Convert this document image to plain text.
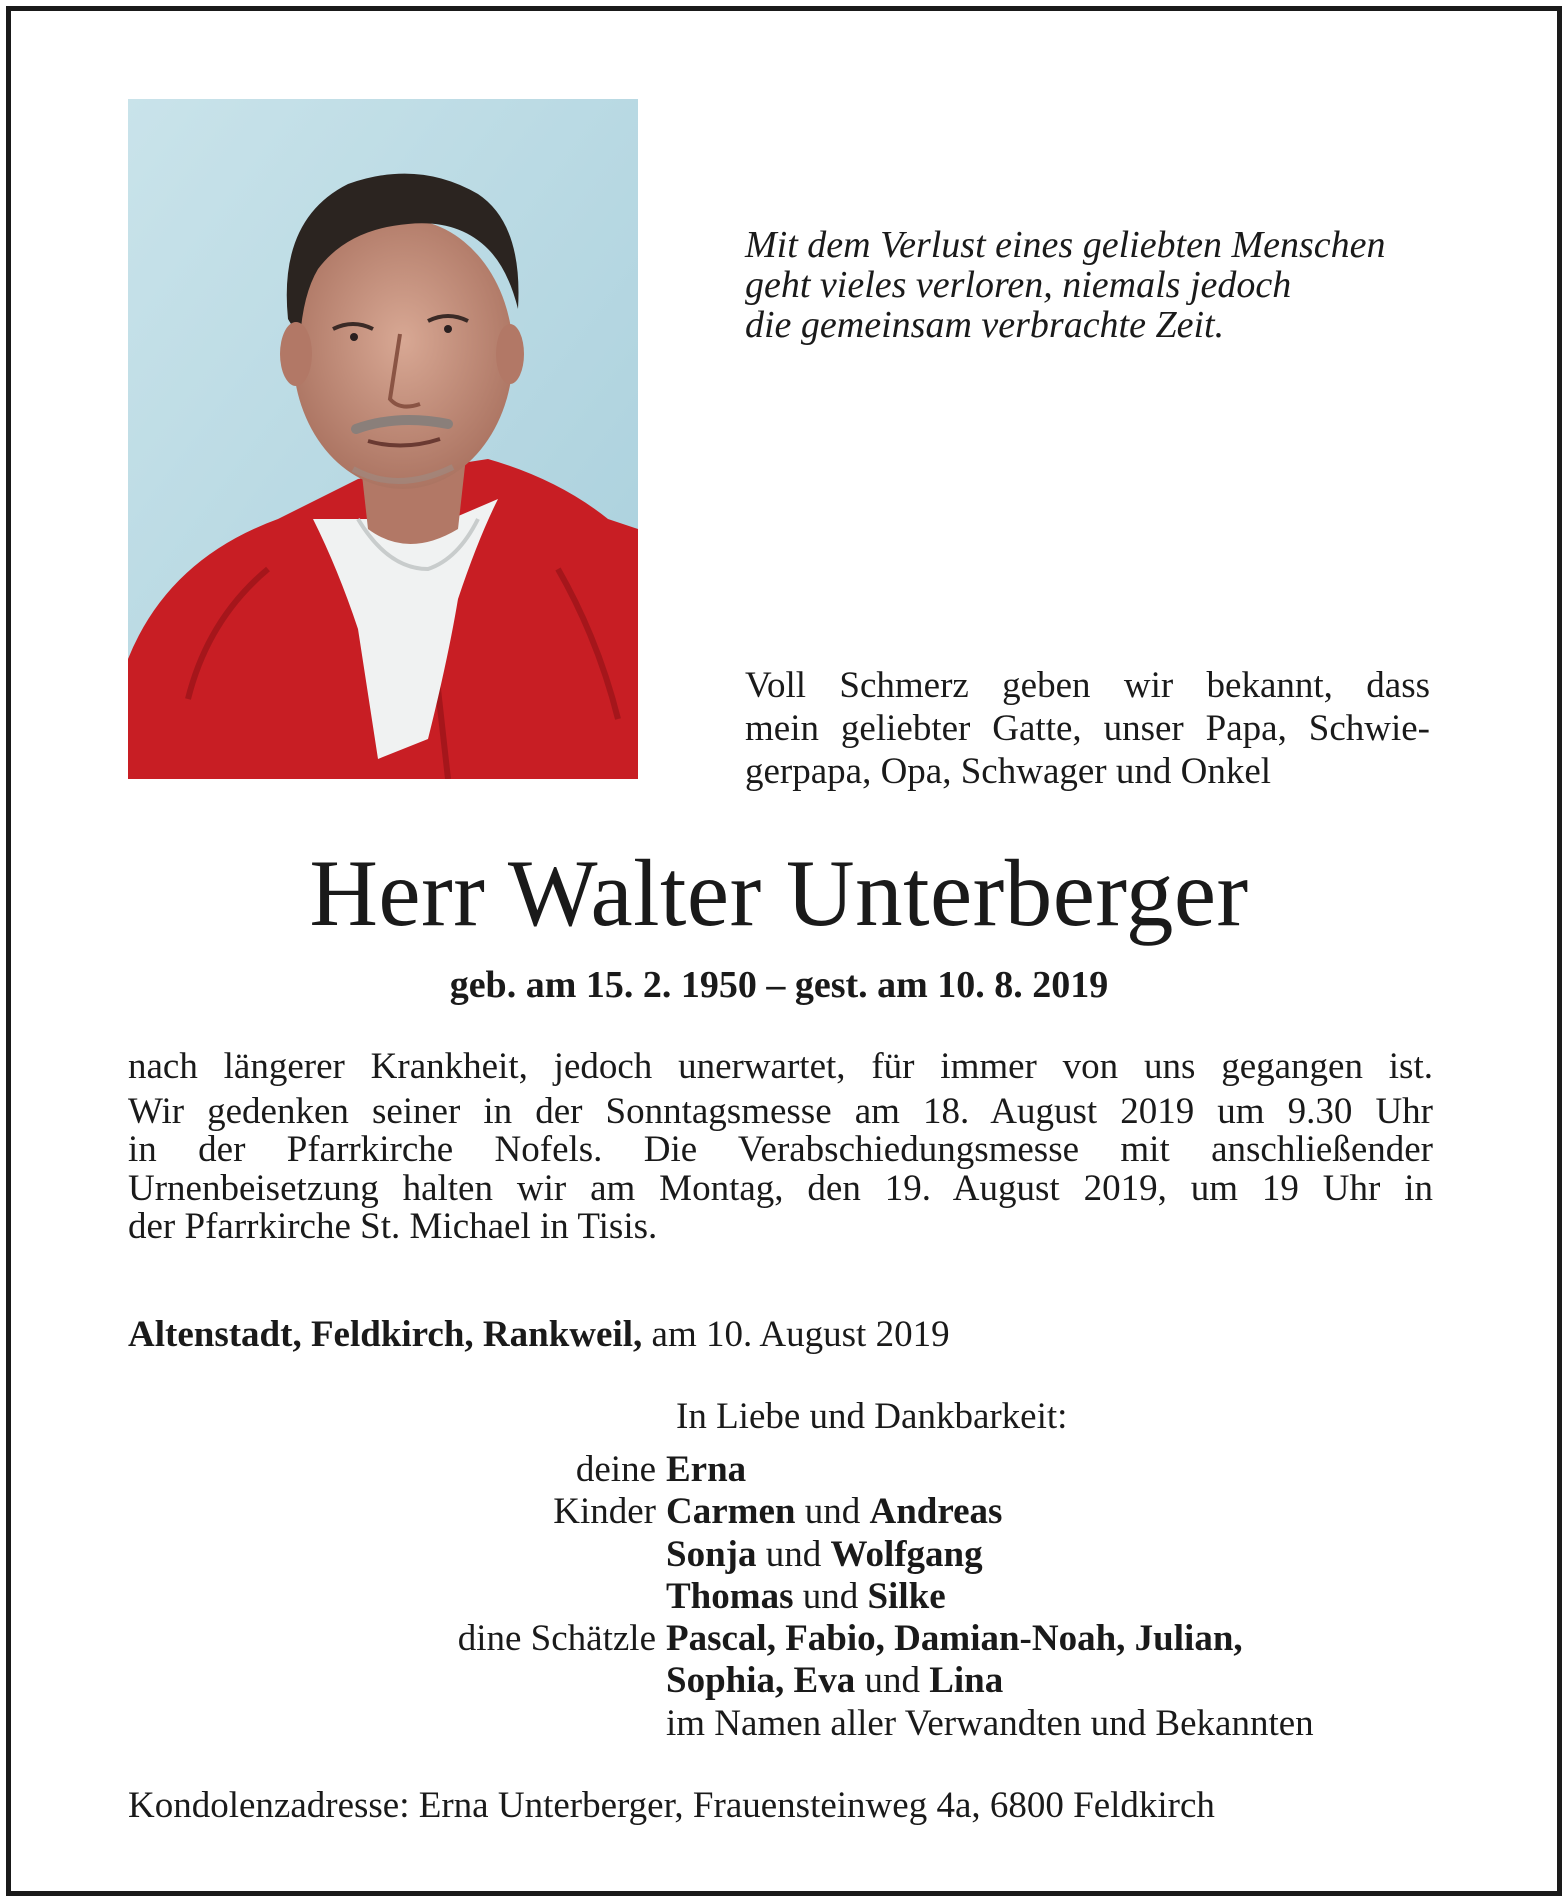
Mit dem Verlust eines geliebten Menschen
geht vieles verloren, niemals jedoch
die gemeinsam verbrachte Zeit.
Voll Schmerz geben wir bekannt, dass
mein geliebter Gatte, unser Papa, Schwie-
gerpapa, Opa, Schwager und Onkel
Herr Walter Unterberger
geb. am 15. 2. 1950 – gest. am 10. 8. 2019
nach längerer Krankheit, jedoch unerwartet, für immer von uns gegangen ist.
Wir gedenken seiner in der Sonntagsmesse am 18. August 2019 um 9.30 Uhr
in der Pfarrkirche Nofels. Die Verabschiedungsmesse mit anschließender
Urnenbeisetzung halten wir am Montag, den 19. August 2019, um 19 Uhr in
der Pfarrkirche St. Michael in Tisis.
Altenstadt, Feldkirch, Rankweil, am 10. August 2019
In Liebe und Dankbarkeit:
deine Erna
Kinder Carmen und Andreas
Sonja und Wolfgang
Thomas und Silke
dine Schätzle Pascal, Fabio, Damian-Noah, Julian,
Sophia, Eva und Lina
im Namen aller Verwandten und Bekannten
Kondolenzadresse: Erna Unterberger, Frauensteinweg 4a, 6800 Feldkirch
